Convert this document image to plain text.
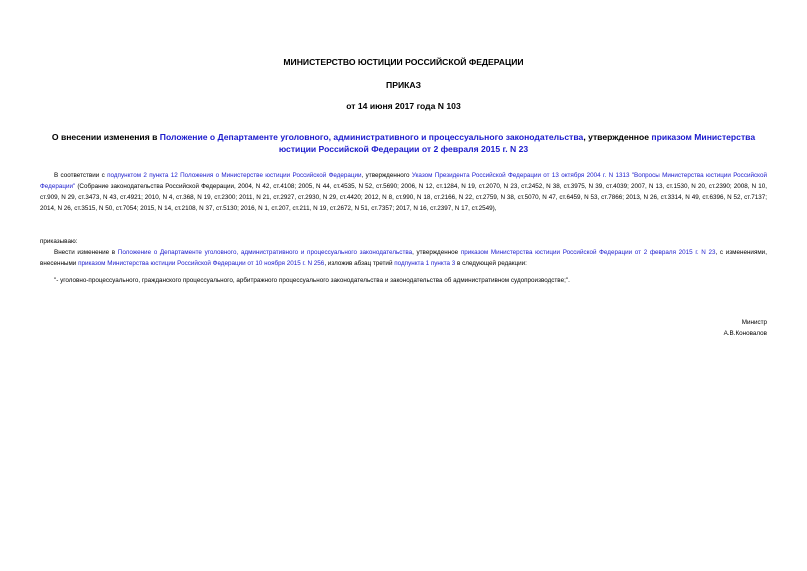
МИНИСТЕРСТВО ЮСТИЦИИ РОССИЙСКОЙ ФЕДЕРАЦИИ
ПРИКАЗ
от 14 июня 2017 года N 103
О внесении изменения в Положение о Департаменте уголовного, административного и процессуального законодательства, утвержденное приказом Министерства юстиции Российской Федерации от 2 февраля 2015 г. N 23
В соответствии с подпунктом 2 пункта 12 Положения о Министерстве юстиции Российской Федерации, утвержденного Указом Президента Российской Федерации от 13 октября 2004 г. N 1313 "Вопросы Министерства юстиции Российской Федерации" (Собрание законодательства Российской Федерации, 2004, N 42, ст.4108; 2005, N 44, ст.4535, N 52, ст.5690; 2006, N 12, ст.1284, N 19, ст.2070, N 23, ст.2452, N 38, ст.3975, N 39, ст.4039; 2007, N 13, ст.1530, N 20, ст.2390; 2008, N 10, ст.909, N 29, ст.3473, N 43, ст.4921; 2010, N 4, ст.368, N 19, ст.2300; 2011, N 21, ст.2927, ст.2930, N 29, ст.4420; 2012, N 8, ст.990, N 18, ст.2166, N 22, ст.2759, N 38, ст.5070, N 47, ст.6459, N 53, ст.7866; 2013, N 26, ст.3314, N 49, ст.6396, N 52, ст.7137; 2014, N 26, ст.3515, N 50, ст.7054; 2015, N 14, ст.2108, N 37, ст.5130; 2016, N 1, ст.207, ст.211, N 19, ст.2672, N 51, ст.7357; 2017, N 16, ст.2397, N 17, ст.2549),
приказываю:
Внести изменение в Положение о Департаменте уголовного, административного и процессуального законодательства, утвержденное приказом Министерства юстиции Российской Федерации от 2 февраля 2015 г. N 23, с изменениями, внесенными приказом Министерства юстиции Российской Федерации от 10 ноября 2015 г. N 256, изложив абзац третий подпункта 1 пункта 3 в следующей редакции:
"- уголовно-процессуального, гражданского процессуального, арбитражного процессуального законодательства и законодательства об административном судопроизводстве;".
Министр
А.В.Коновалов
